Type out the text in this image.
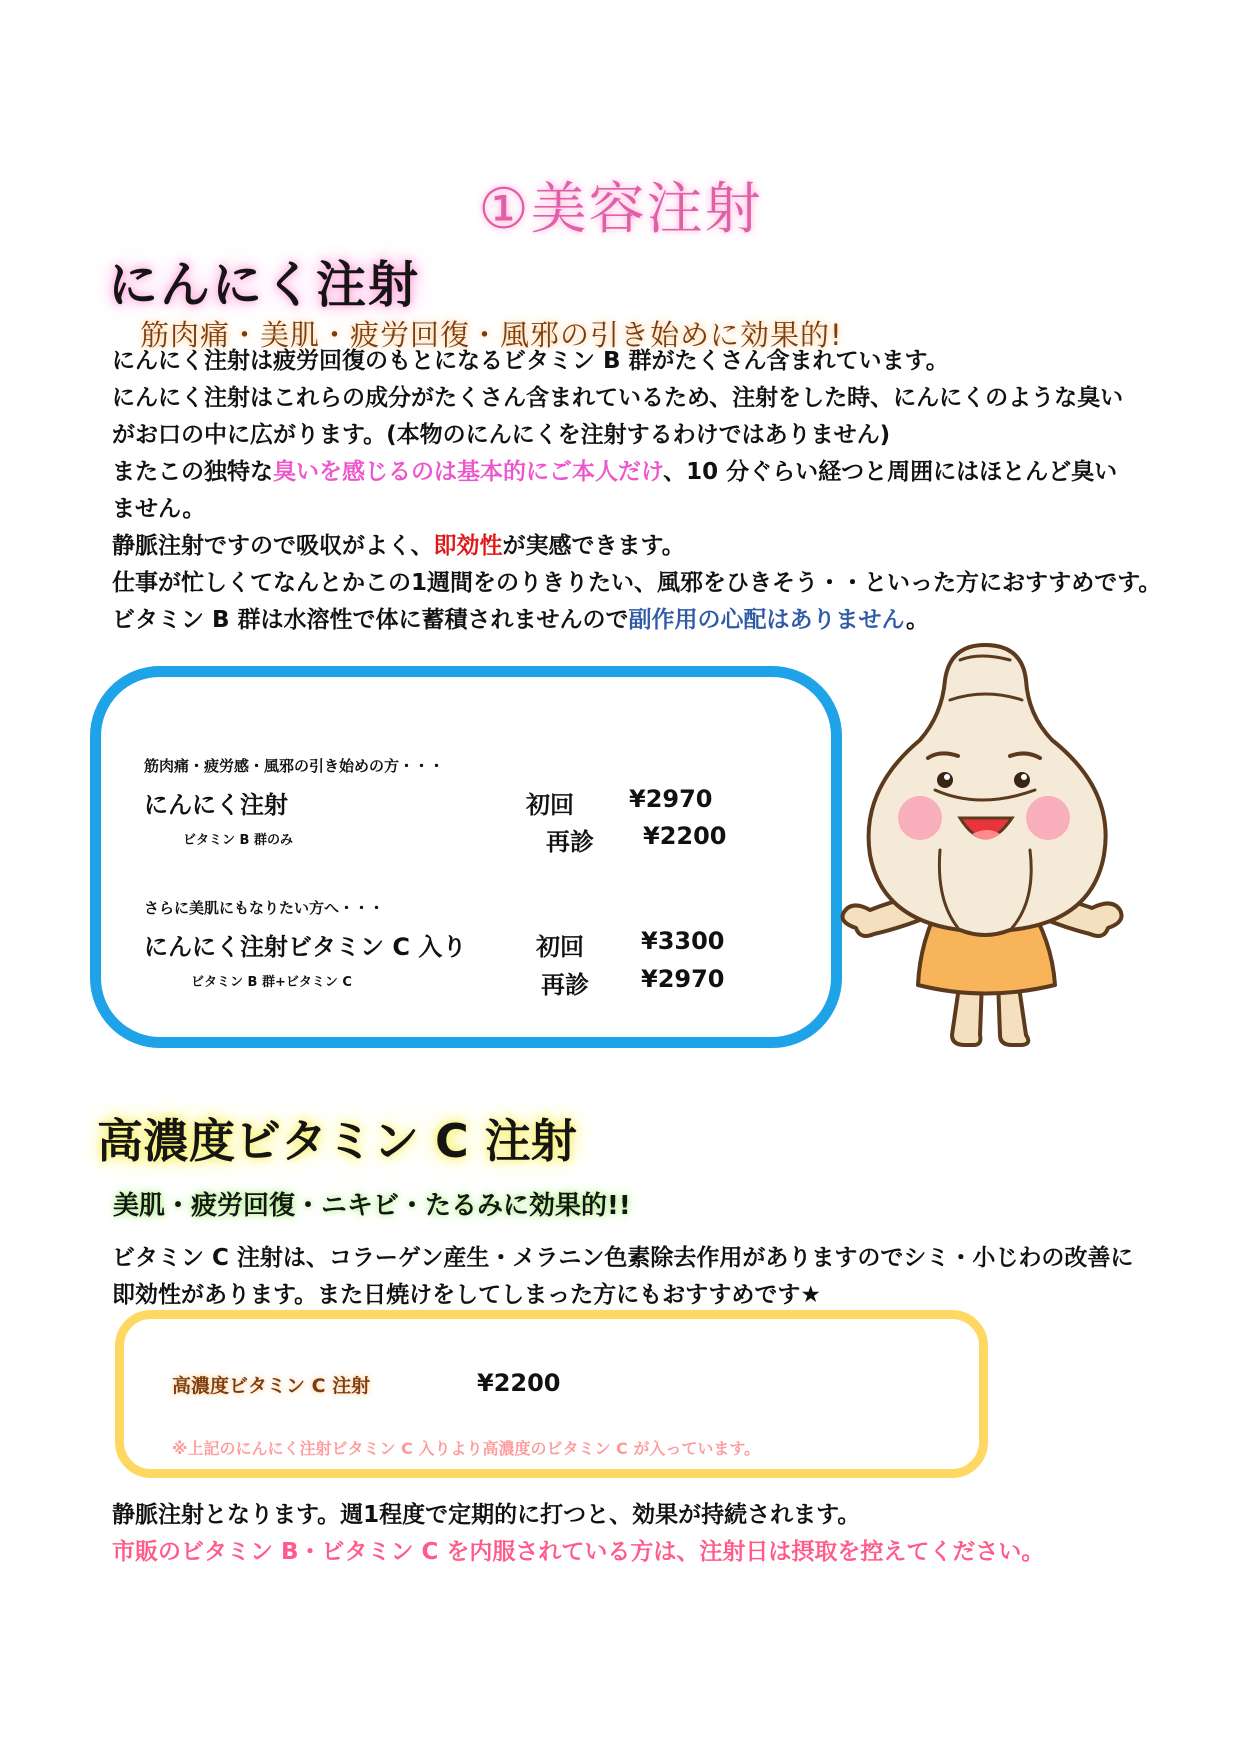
①美容注射
にんにく注射
筋肉痛・美肌・疲労回復・風邪の引き始めに効果的!

にんにく注射は疲労回復のもとになるビタミン B 群がたくさん含まれています。

にんにく注射はこれらの成分がたくさん含まれているため、注射をした時、にんにくのような臭い

がお口の中に広がります。(本物のにんにくを注射するわけではありません)

またこの独特な臭いを感じるのは基本的にご本人だけ、10 分ぐらい経つと周囲にはほとんど臭い

ません。

静脈注射ですので吸収がよく、即効性が実感できます。

仕事が忙しくてなんとかこの1週間をのりきりたい、風邪をひきそう・・といった方におすすめです。

ビタミン B 群は水溶性で体に蓄積されませんので副作用の心配はありません。

筋肉痛・疲労感・風邪の引き始めの方・・・
にんにく注射	初回 ¥2970
ビタミン B 群のみ	再診 ¥2200
さらに美肌にもなりたい方へ・・・
にんにく注射ビタミン C 入り	初回 ¥3300
ビタミン B 群+ビタミン C	再診 ¥2970
高濃度ビタミン C 注射
美肌・疲労回復・ニキビ・たるみに効果的!!

ビタミン C 注射は、コラーゲン産生・メラニン色素除去作用がありますのでシミ・小じわの改善に

即効性があります。また日焼けをしてしまった方にもおすすめです★

高濃度ビタミン C 注射	¥2200
※上記のにんにく注射ビタミン C 入りより高濃度のビタミン C が入っています。

静脈注射となります。週1程度で定期的に打つと、効果が持続されます。

市販のビタミン B・ビタミン C を内服されている方は、注射日は摂取を控えてください。
